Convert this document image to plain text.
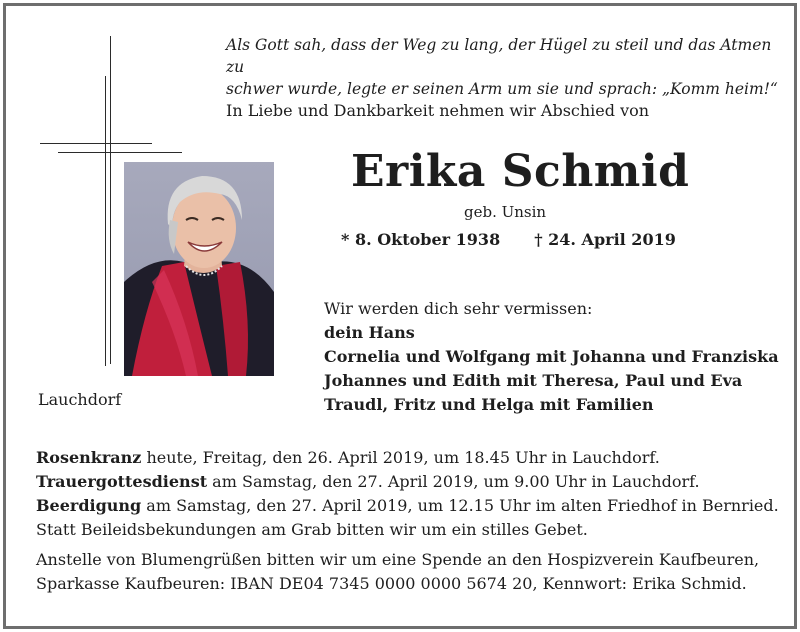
Als Gott sah, dass der Weg zu lang, der Hügel zu steil und das Atmen zu
schwer wurde, legte er seinen Arm um sie und sprach: „Komm heim!“
In Liebe und Dankbarkeit nehmen wir Abschied von
Erika Schmid
geb. Unsin
* 8. Oktober 1938 † 24. April 2019
Lauchdorf
Wir werden dich sehr vermissen:
dein Hans
Cornelia und Wolfgang mit Johanna und Franziska
Johannes und Edith mit Theresa, Paul und Eva
Traudl, Fritz und Helga mit Familien
Rosenkranz heute, Freitag, den 26. April 2019, um 18.45 Uhr in Lauchdorf.
Trauergottesdienst am Samstag, den 27. April 2019, um 9.00 Uhr in Lauchdorf.
Beerdigung am Samstag, den 27. April 2019, um 12.15 Uhr im alten Friedhof in Bernried.
Statt Beileidsbekundungen am Grab bitten wir um ein stilles Gebet.
Anstelle von Blumengrüßen bitten wir um eine Spende an den Hospizverein Kaufbeuren,
Sparkasse Kaufbeuren: IBAN DE04 7345 0000 0000 5674 20, Kennwort: Erika Schmid.
